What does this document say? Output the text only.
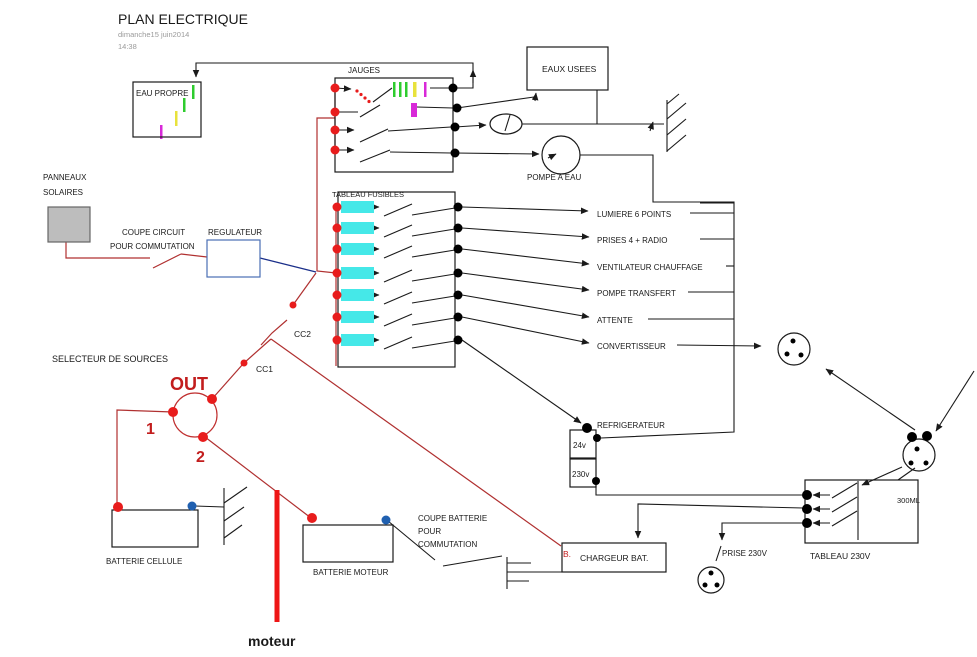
PLAN ELECTRIQUE
dimanche15 juin2014
14:38
JAUGES
EAU PROPRE
EAUX USEES
POMPE A EAU
PANNEAUX
SOLAIRES
COUPE CIRCUIT
POUR COMMUTATION
REGULATEUR
TABLEAU FUSIBLES
LUMIERE 6 POINTS
PRISES 4 + RADIO
VENTILATEUR CHAUFFAGE
POMPE TRANSFERT
ATTENTE
CONVERTISSEUR
REFRIGERATEUR
24v
230v
SELECTEUR DE SOURCES
OUT
1
2
CC1
CC2
BATTERIE CELLULE
BATTERIE MOTEUR
COUPE BATTERIE
POUR
COMMUTATION
CHARGEUR BAT.
B.	PRISE 230V	TABLEAU 230V
300ML
moteur
